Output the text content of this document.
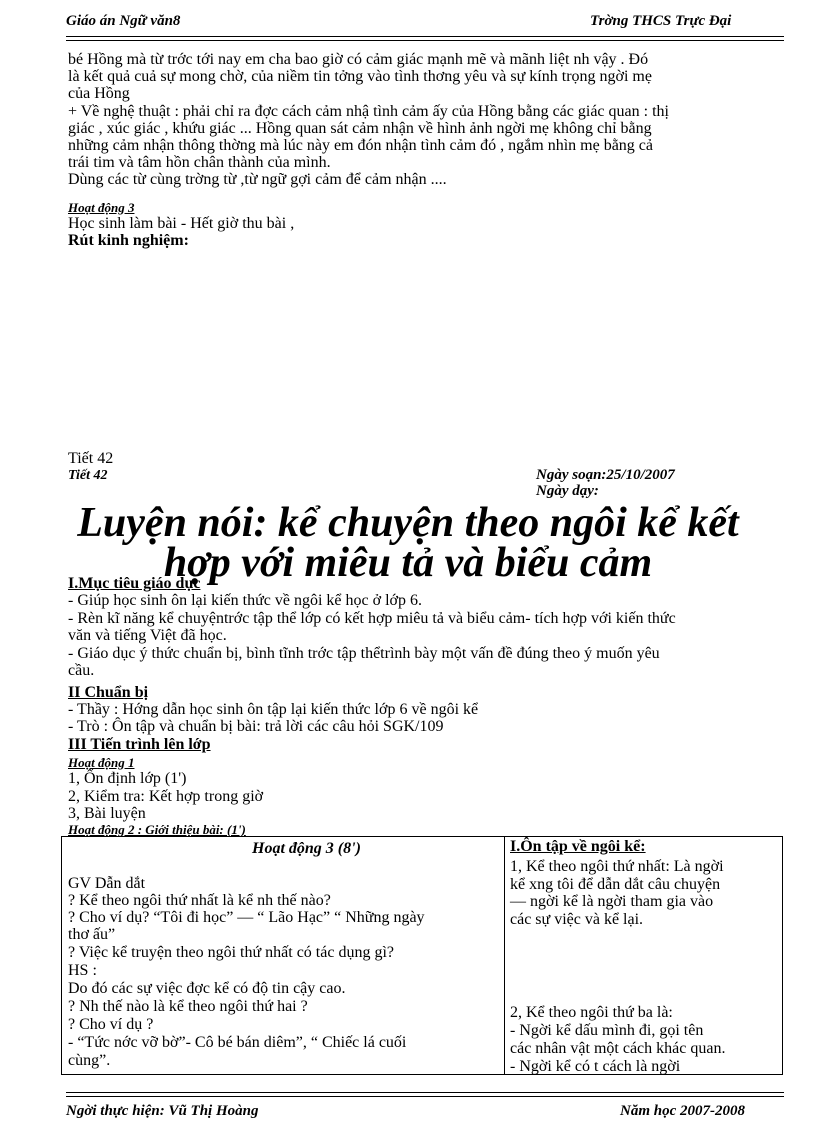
Giáo án Ngữ văn8	Trờng THCS Trực Đại
bé Hồng mà từ trớc tới nay em cha bao giờ có cảm giác mạnh mẽ và mãnh liệt nh vậy . Đó
là kết quả cuả sự mong chờ, của niềm tin tởng vào tình thơng yêu và sự kính trọng ngời mẹ
của Hồng
+ Về nghệ thuật : phải chỉ ra đợc cách cảm nhậ tình cảm ấy của Hồng bằng các giác quan : thị
giác , xúc giác , khứu giác ... Hồng quan sát cảm nhận về hình ảnh ngời mẹ không chỉ bằng
những cảm nhận thông thờng mà lúc này em đón nhận tình cảm đó , ngắm nhìn mẹ bằng cả
trái tim và tâm hồn chân thành của mình.
Dùng các từ cùng trờng từ ,từ ngữ gợi cảm để cảm nhận ....
Hoạt động 3
Học sinh làm bài - Hết giờ thu bài ,
Rút kinh nghiệm:
Tiết 42
Tiết 42	Ngày soạn:25/10/2007
Ngày dạy:
Luyện nói: kể chuyện theo ngôi kể kết
hợp với miêu tả và biểu cảm
I.Mục tiêu giáo dục
- Giúp học sinh ôn lại kiến thức về ngôi kể học ở lớp 6.
- Rèn kĩ năng kể chuyệntrớc tập thể lớp có kết hợp miêu tả và biểu cảm- tích hợp với kiến thức
văn và tiếng Việt đã học.
- Giáo dục ý thức chuẩn bị, bình tĩnh trớc tập thểtrình bày một vấn đề đúng theo ý muốn yêu
cầu.
II Chuẩn bị
- Thầy : Hớng dẫn học sinh ôn tập lại kiến thức lớp 6 về ngôi kể
- Trò : Ôn tập và chuẩn bị bài: trả lời các câu hỏi SGK/109
III Tiến trình lên lớp
Hoạt động 1
1, Ổn định lớp (1')
2, Kiểm tra: Kết hợp trong giờ
3, Bài luyện
Hoạt động 2 : Giới thiệu bài: (1')
Hoạt động 3 (8')
GV Dẫn dắt
? Kể theo ngôi thứ nhất là kể nh thế nào?
? Cho ví dụ? “Tôi đi học” — “ Lão Hạc” “ Những ngày
thơ ấu”
? Việc kể truyện theo ngôi thứ nhất có tác dụng gì?
HS :
Do đó các sự việc đợc kể có độ tin cậy cao.
? Nh thế nào là kể theo ngôi thứ hai ?
? Cho ví dụ ?
- “Tức nớc vỡ bờ”- Cô bé bán diêm”, “ Chiếc lá cuối
cùng”.

I.Ôn tập về ngôi kể:
1, Kể theo ngôi thứ nhất: Là ngời
kể xng tôi để dẫn dắt câu chuyện
— ngời kể là ngời tham gia vào
các sự việc và kể lại.
2, Kể theo ngôi thứ ba là:
- Ngời kể dấu mình đi, gọi tên
các nhân vật một cách khác quan.
- Ngời kể có t cách là ngời
Ngời thực hiện: Vũ Thị Hoàng	Năm học 2007-2008
